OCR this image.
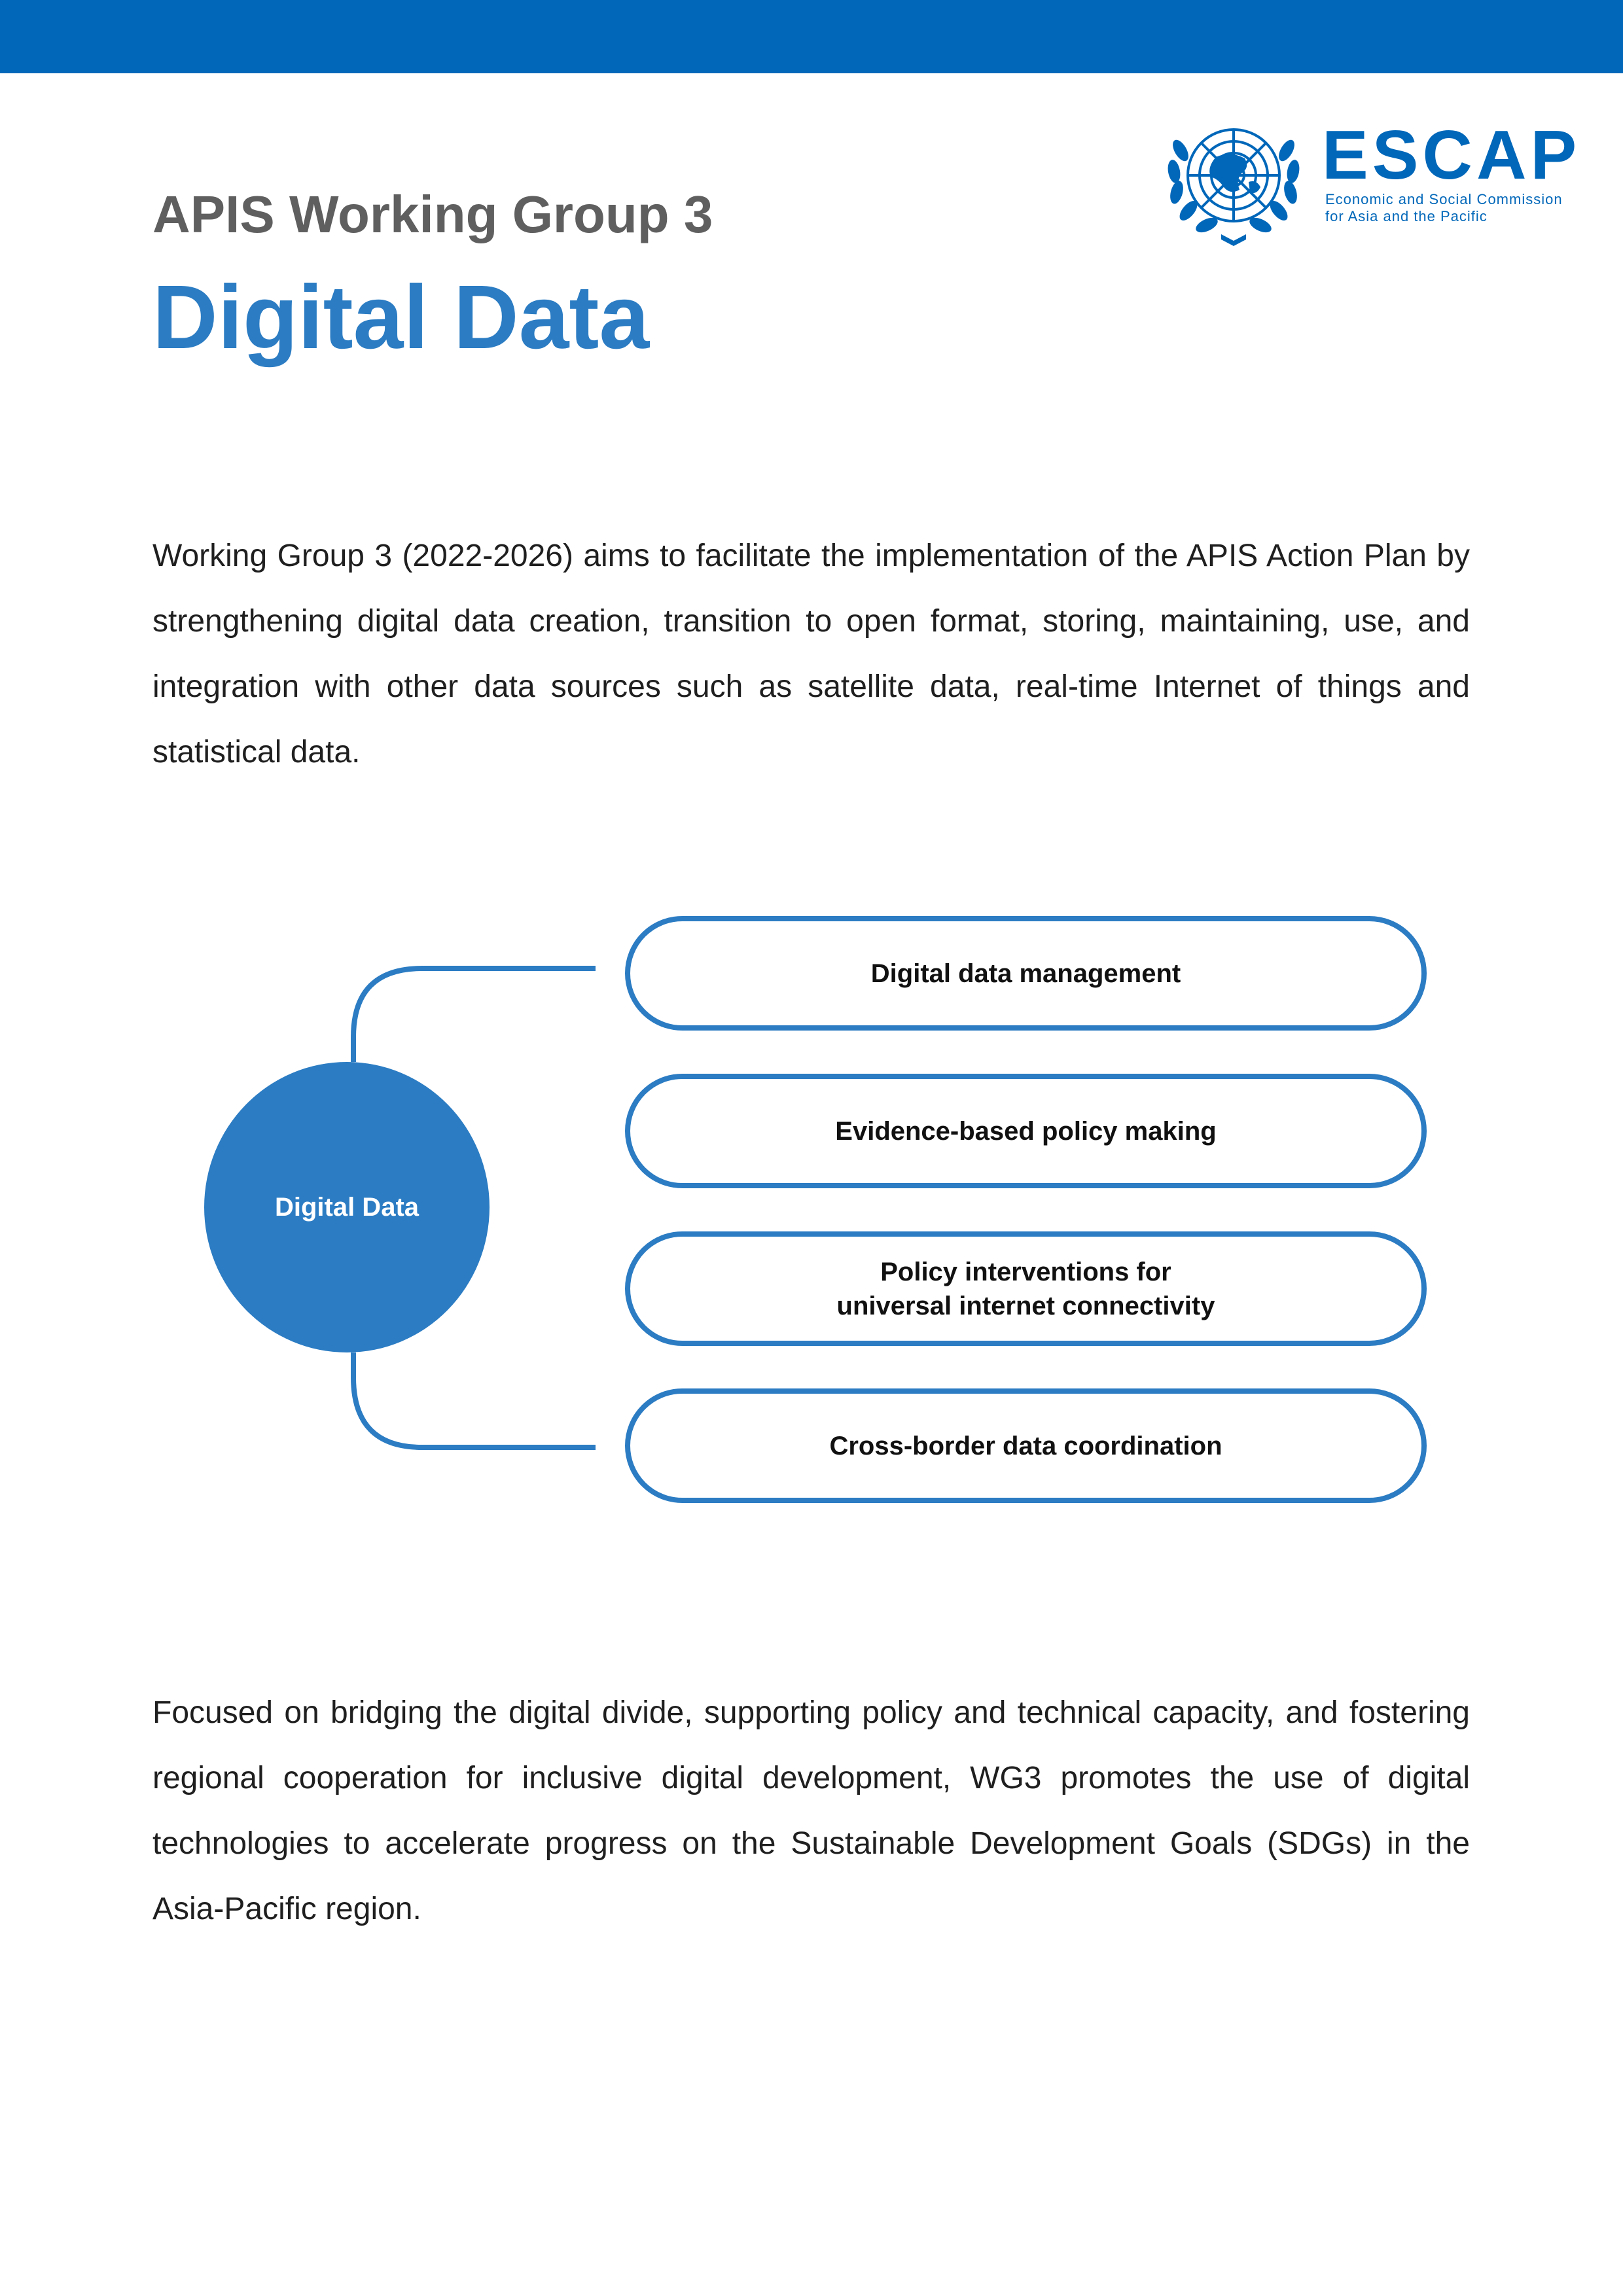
ESCAP
Economic and Social Commission
for Asia and the Pacific
APIS Working Group 3
Digital Data

Working Group 3 (2022-2026) aims to facilitate the implementation of the APIS Action Plan by strengthening digital data creation, transition to open format, storing, maintaining, use, and integration with other data sources such as satellite data, real-time Internet of things and statistical data.

Digital Data
Digital data management
Evidence-based policy making
Policy interventions for
universal internet connectivity
Cross-border data coordination

Focused on bridging the digital divide, supporting policy and technical capacity, and fostering regional cooperation for inclusive digital development, WG3 promotes the use of digital technologies to accelerate progress on the Sustainable Development Goals (SDGs) in the Asia-Pacific region.
